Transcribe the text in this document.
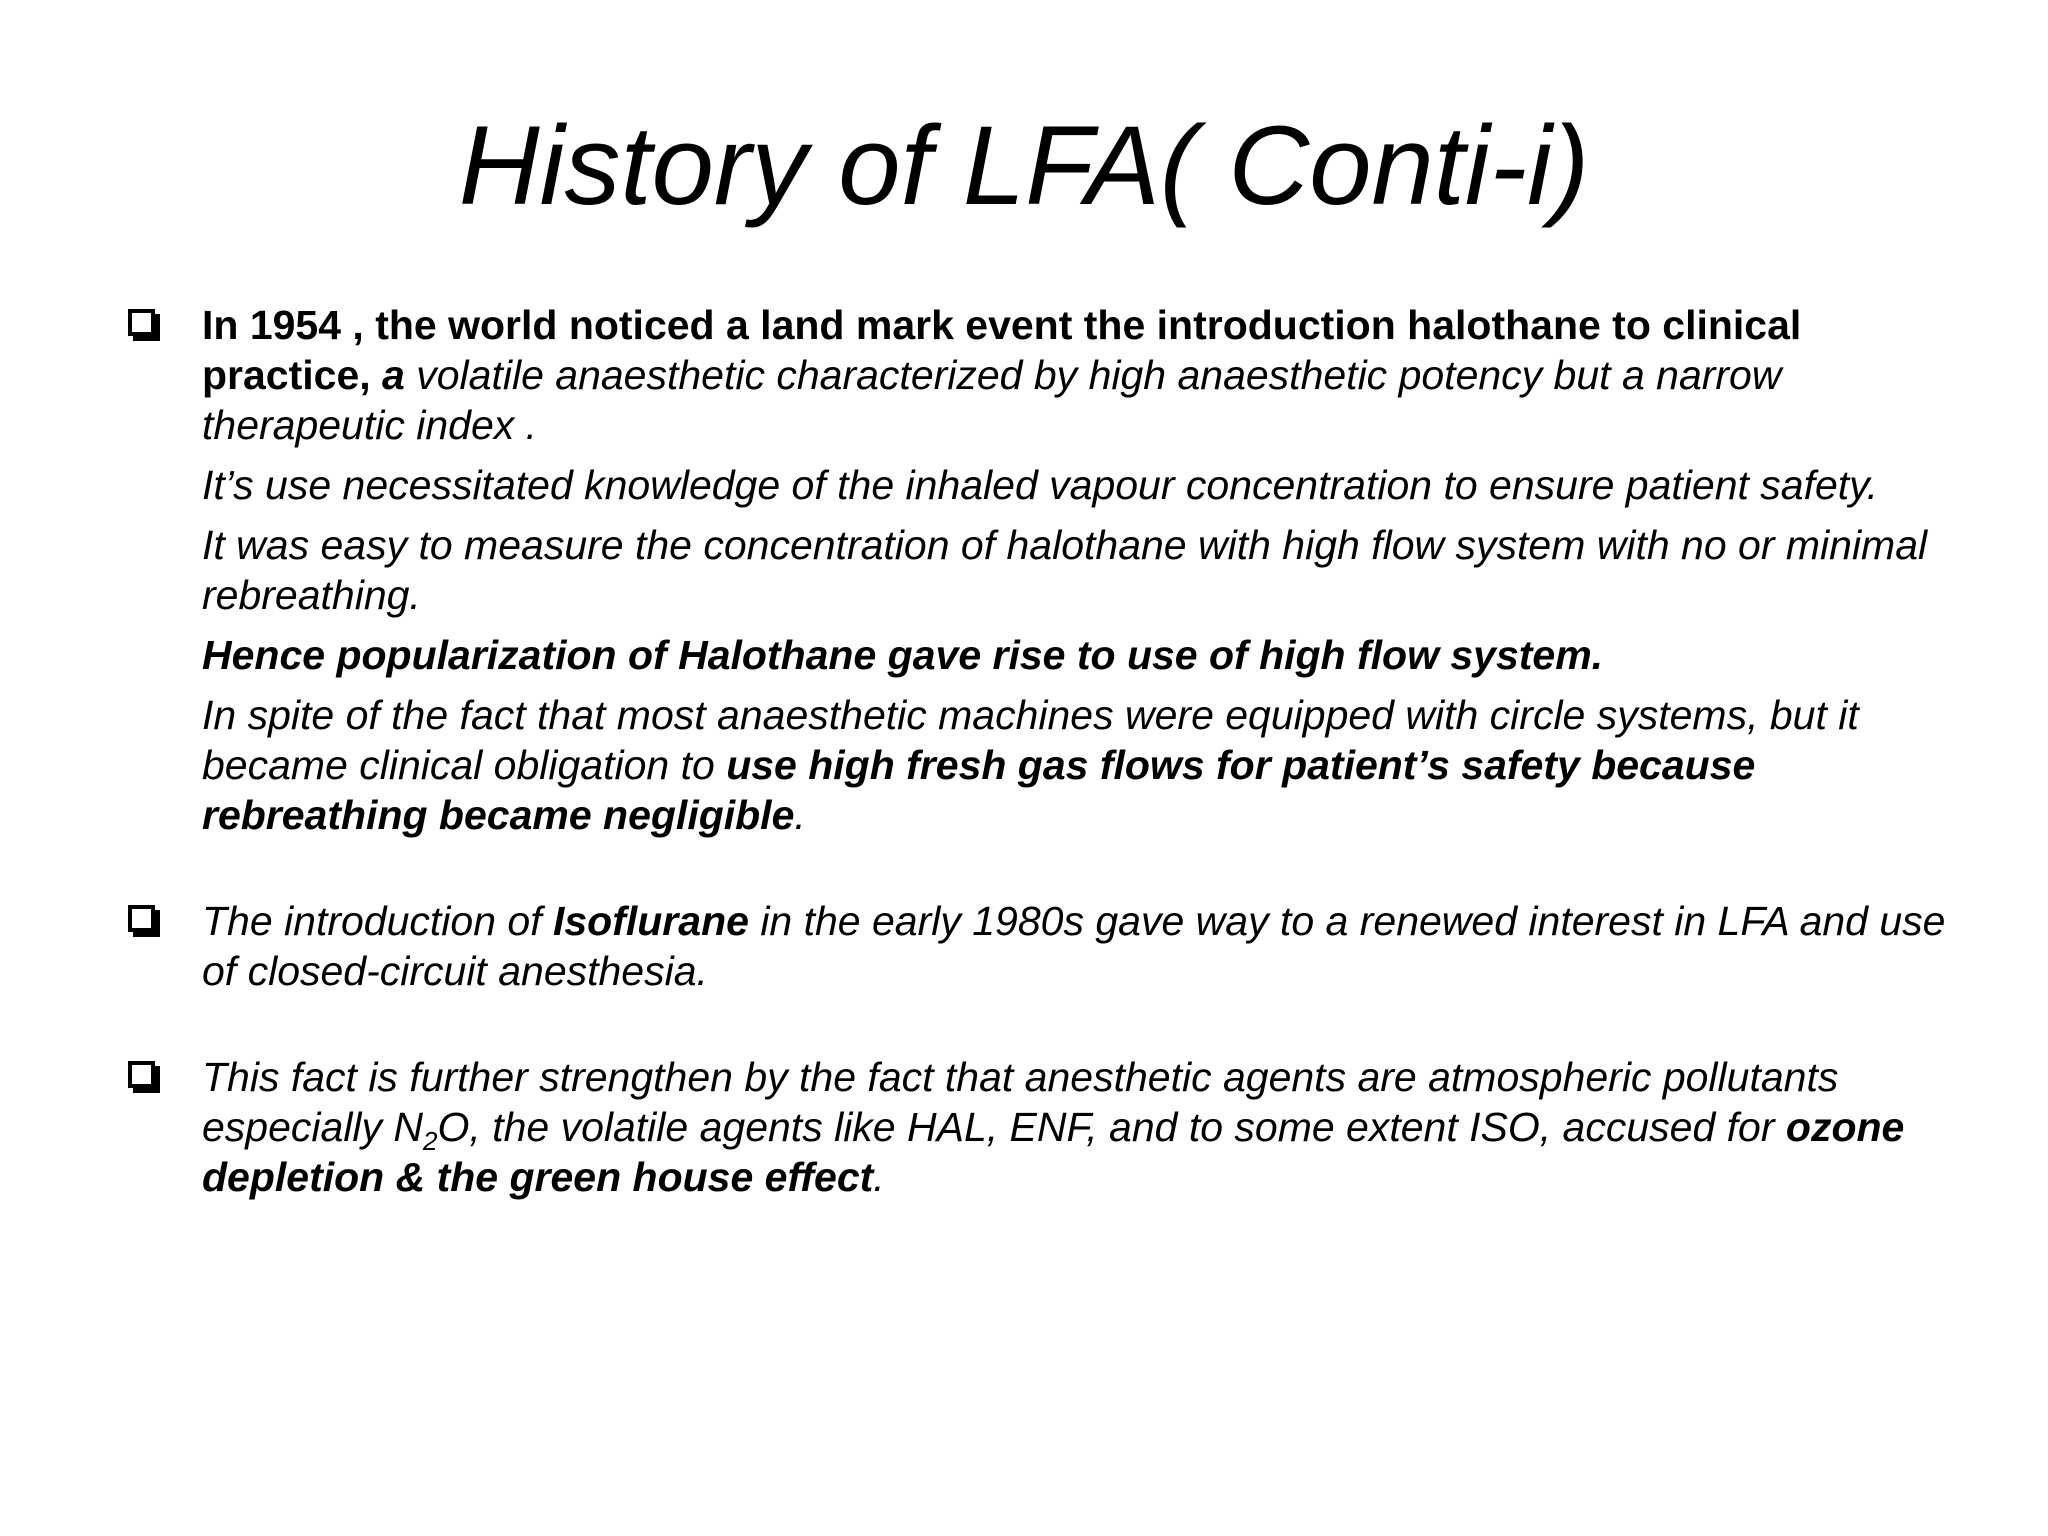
History of LFA( Conti-i)

In 1954 , the world noticed a land mark event the introduction halothane to clinical practice, a volatile anaesthetic characterized by high anaesthetic potency but a narrow therapeutic index .

It’s use necessitated knowledge of the inhaled vapour concentration to ensure patient safety.

It was easy to measure the concentration of halothane with high flow system with no or minimal rebreathing.

Hence popularization of Halothane gave rise to use of high flow system.

In spite of the fact that most anaesthetic machines were equipped with circle systems, but it became clinical obligation to use high fresh gas flows for patient’s safety because rebreathing became negligible.

The introduction of Isoflurane in the early 1980s gave way to a renewed interest in LFA and use of closed-circuit anesthesia.

This fact is further strengthen by the fact that anesthetic agents are atmospheric pollutants especially $N_2O$, the volatile agents like HAL, ENF, and to some extent ISO, accused for ozone depletion & the green house effect.
